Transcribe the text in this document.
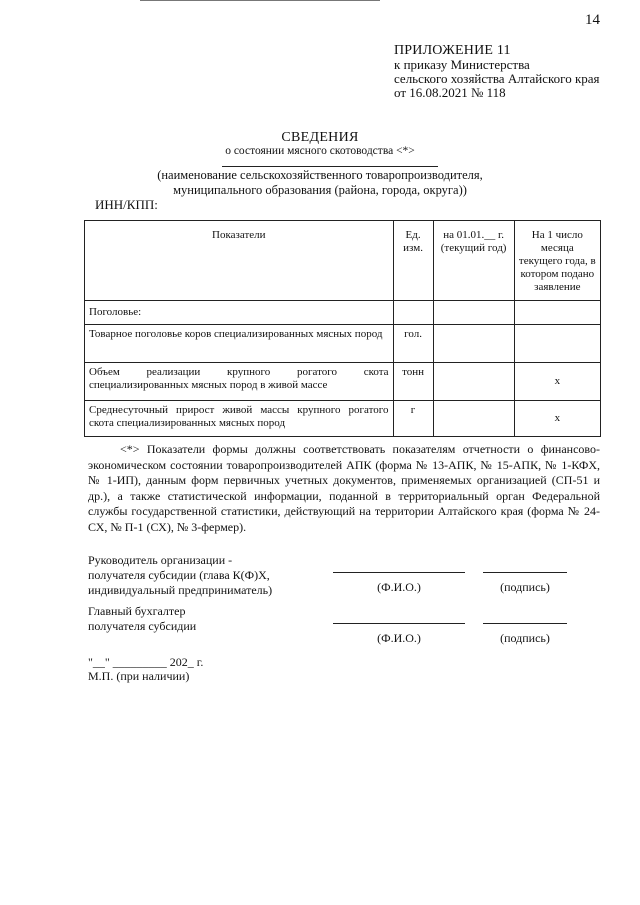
14
ПРИЛОЖЕНИЕ 11
к приказу Министерства
сельского хозяйства Алтайского края
от 16.08.2021 № 118
СВЕДЕНИЯ
о состоянии мясного скотоводства <*>
(наименование сельскохозяйственного товаропроизводителя,
муниципального образования (района, города, округа))
ИНН/КПП:
Показатели	Ед. изм.	на 01.01.__ г. (текущий год)	На 1 число месяца текущего года, в котором подано заявление
Поголовье:			
Товарное поголовье коров специализированных мясных пород	гол.		
Объем реализации крупного рогатого скота специализированных мясных пород в живой массе	тонн		x
Среднесуточный прирост живой массы крупного рогатого скота специализированных мясных пород	г		x
<*> Показатели формы должны соответствовать показателям отчетности о финансово-экономическом состоянии товаропроизводителей АПК (форма № 13-АПК, № 15-АПК, № 1-КФХ, № 1-ИП), данным форм первичных учетных документов, применяемых организацией (СП-51 и др.), а также статистической информации, поданной в территориальный орган Федеральной службы государственной статистики, действующий на территории Алтайского края (форма № 24-СХ, № П-1 (СХ), № 3-фермер).
Руководитель организации -
получателя субсидии (глава К(Ф)Х,
индивидуальный предприниматель)	(Ф.И.О.)	(подпись)
Главный бухгалтер
получателя субсидии
(Ф.И.О.)	(подпись)
"__" _________ 202_ г.
М.П. (при наличии)
